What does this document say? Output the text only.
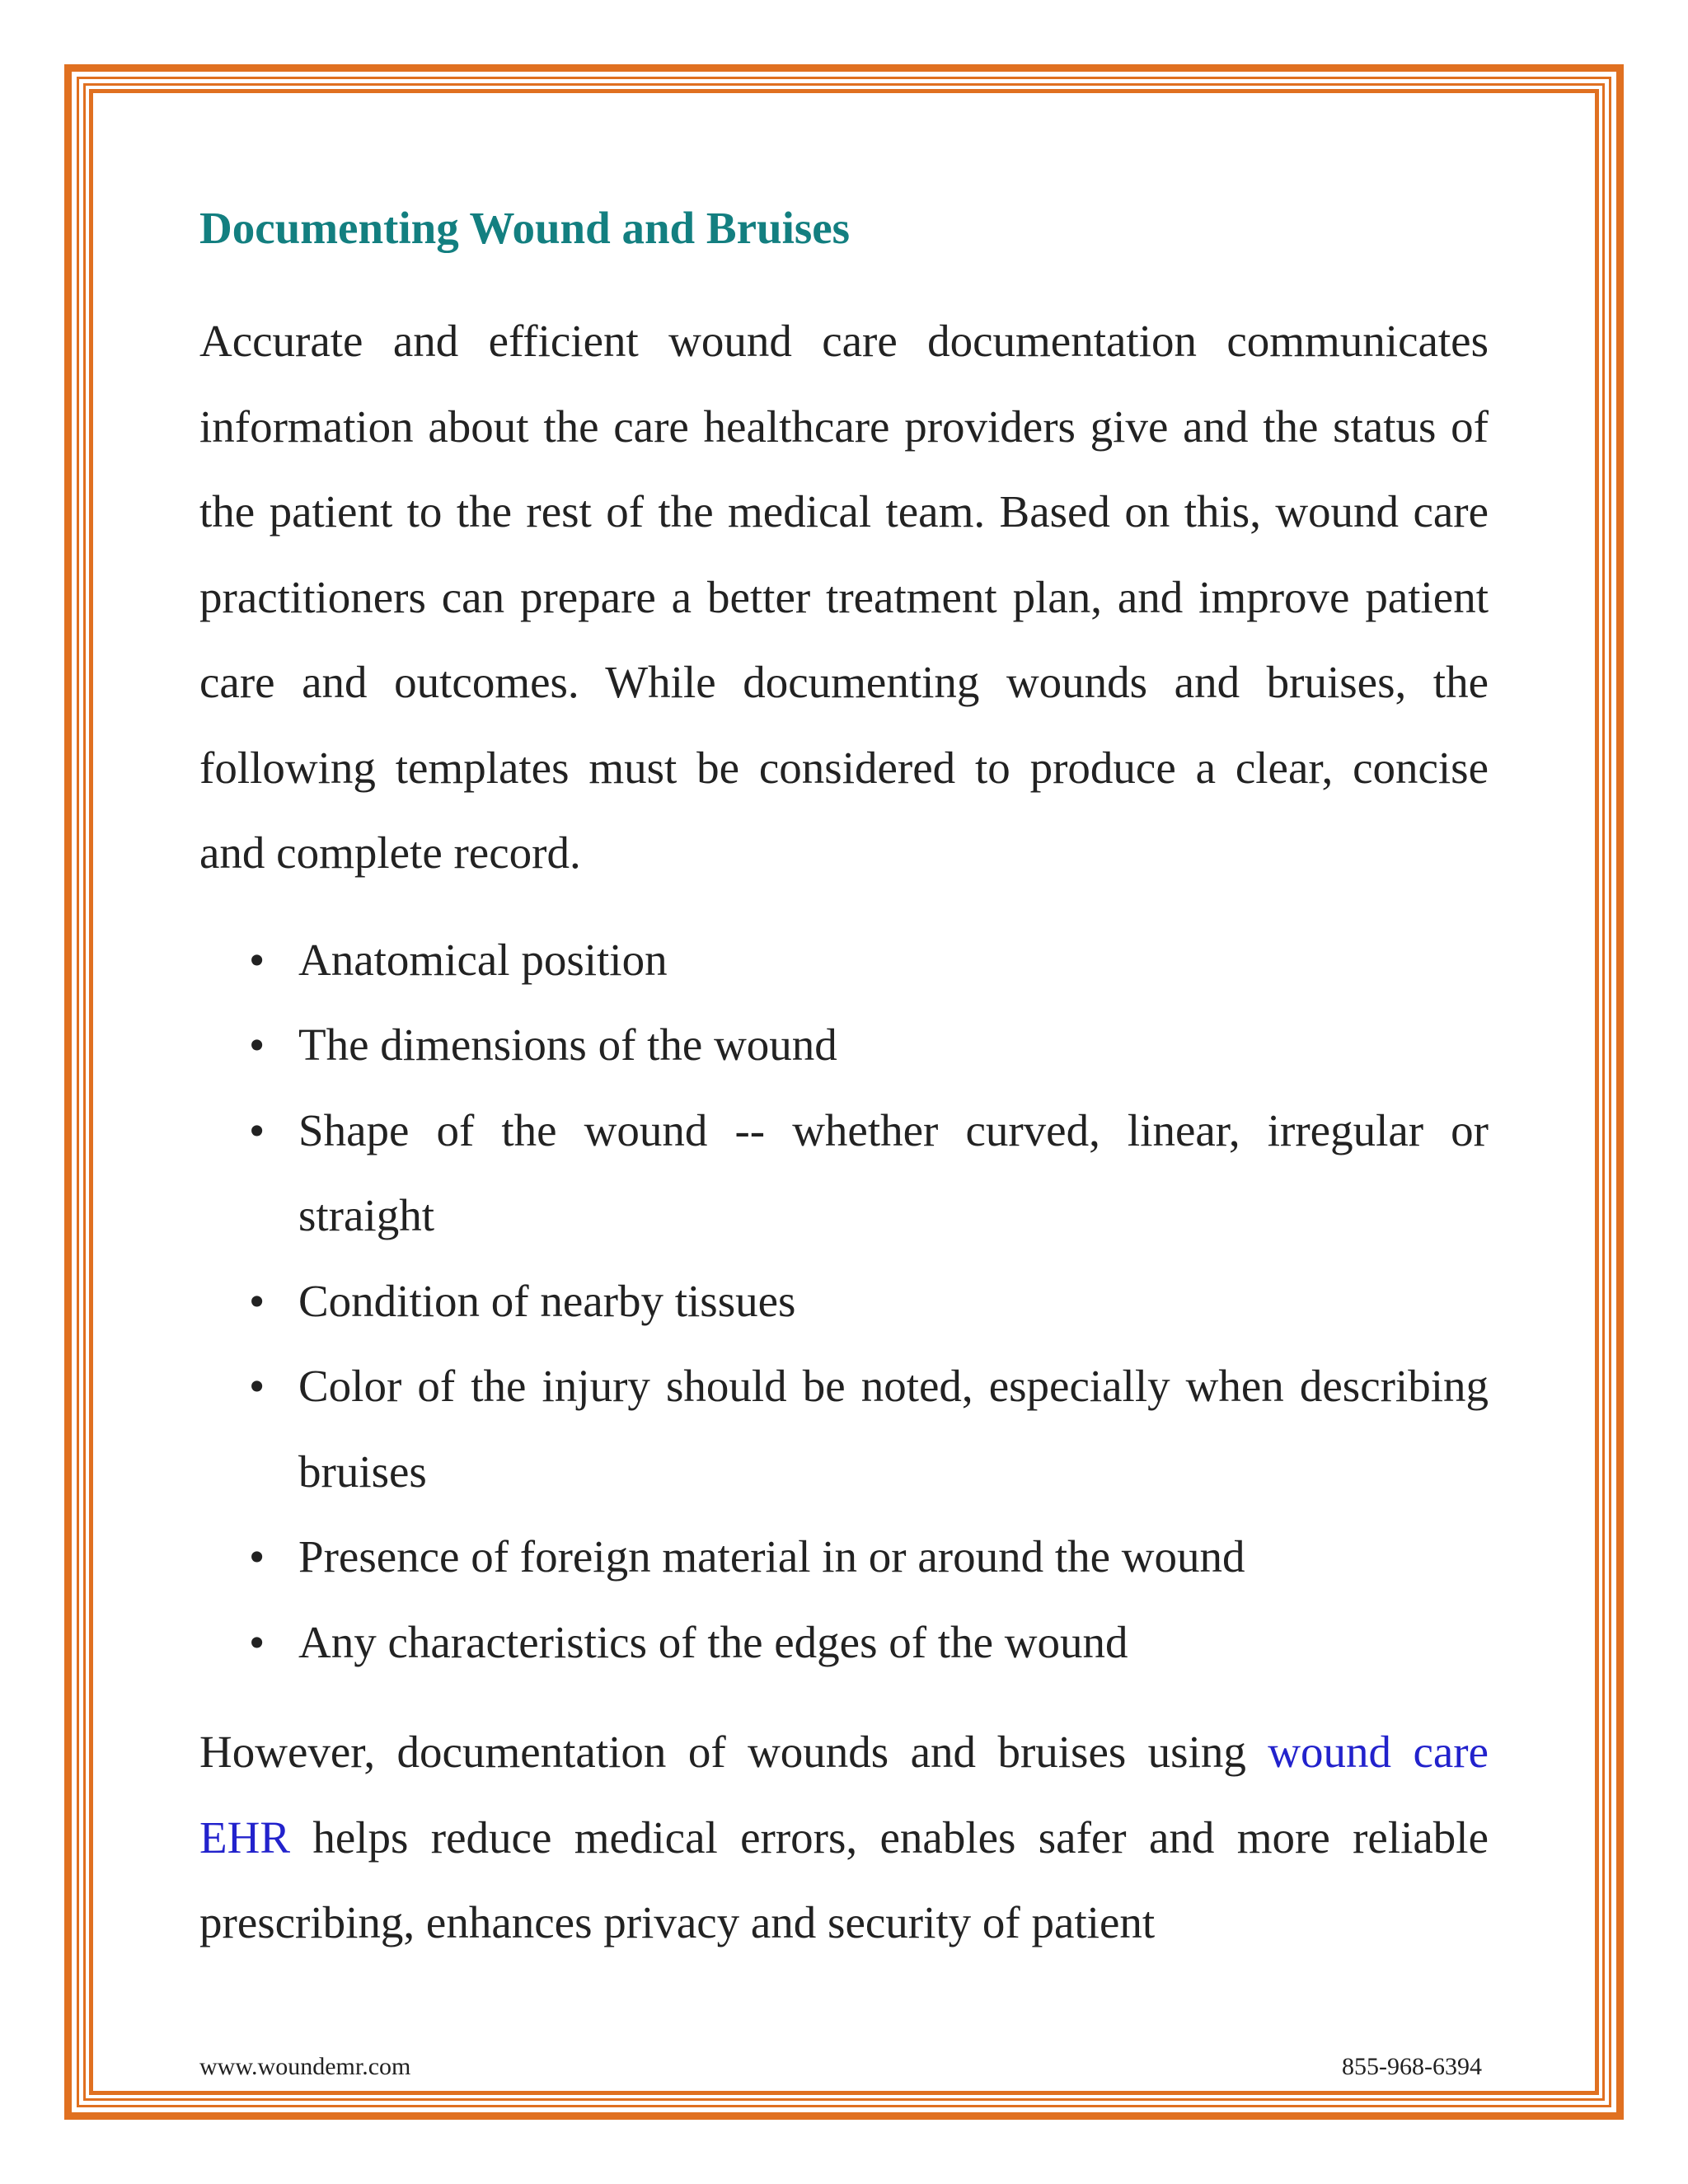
Documenting Wound and Bruises

Accurate and efficient wound care documentation communicates information about the care healthcare providers give and the status of the patient to the rest of the medical team. Based on this, wound care practitioners can prepare a better treatment plan, and improve patient care and outcomes. While documenting wounds and bruises, the following templates must be considered to produce a clear, concise and complete record.

• Anatomical position
• The dimensions of the wound
• Shape of the wound -- whether curved, linear, irregular or straight
• Condition of nearby tissues
• Color of the injury should be noted, especially when describing bruises
• Presence of foreign material in or around the wound
• Any characteristics of the edges of the wound

However, documentation of wounds and bruises using wound care EHR helps reduce medical errors, enables safer and more reliable prescribing, enhances privacy and security of patient

www.woundemr.com	855-968-6394
